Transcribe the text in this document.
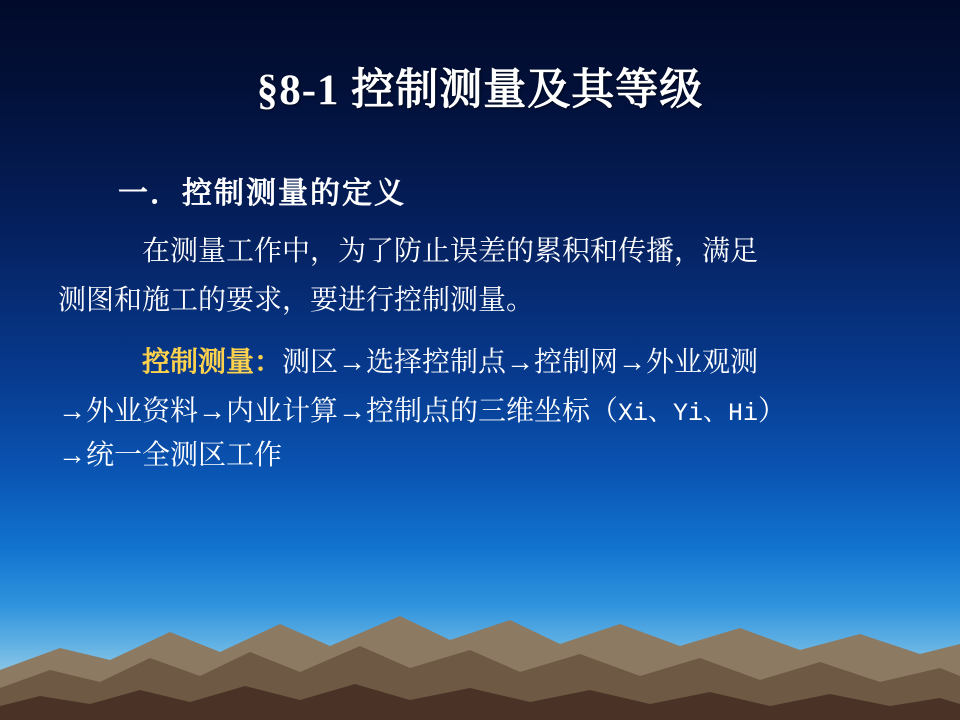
§8-1 控制测量及其等级
一．控制测量的定义

在测量工作中，为了防止误差的累积和传播，满足

测图和施工的要求，要进行控制测量。

控制测量：测区→选择控制点→控制网→外业观测

→外业资料→内业计算→控制点的三维坐标（Xi、Yi、Hi）

→统一全测区工作
